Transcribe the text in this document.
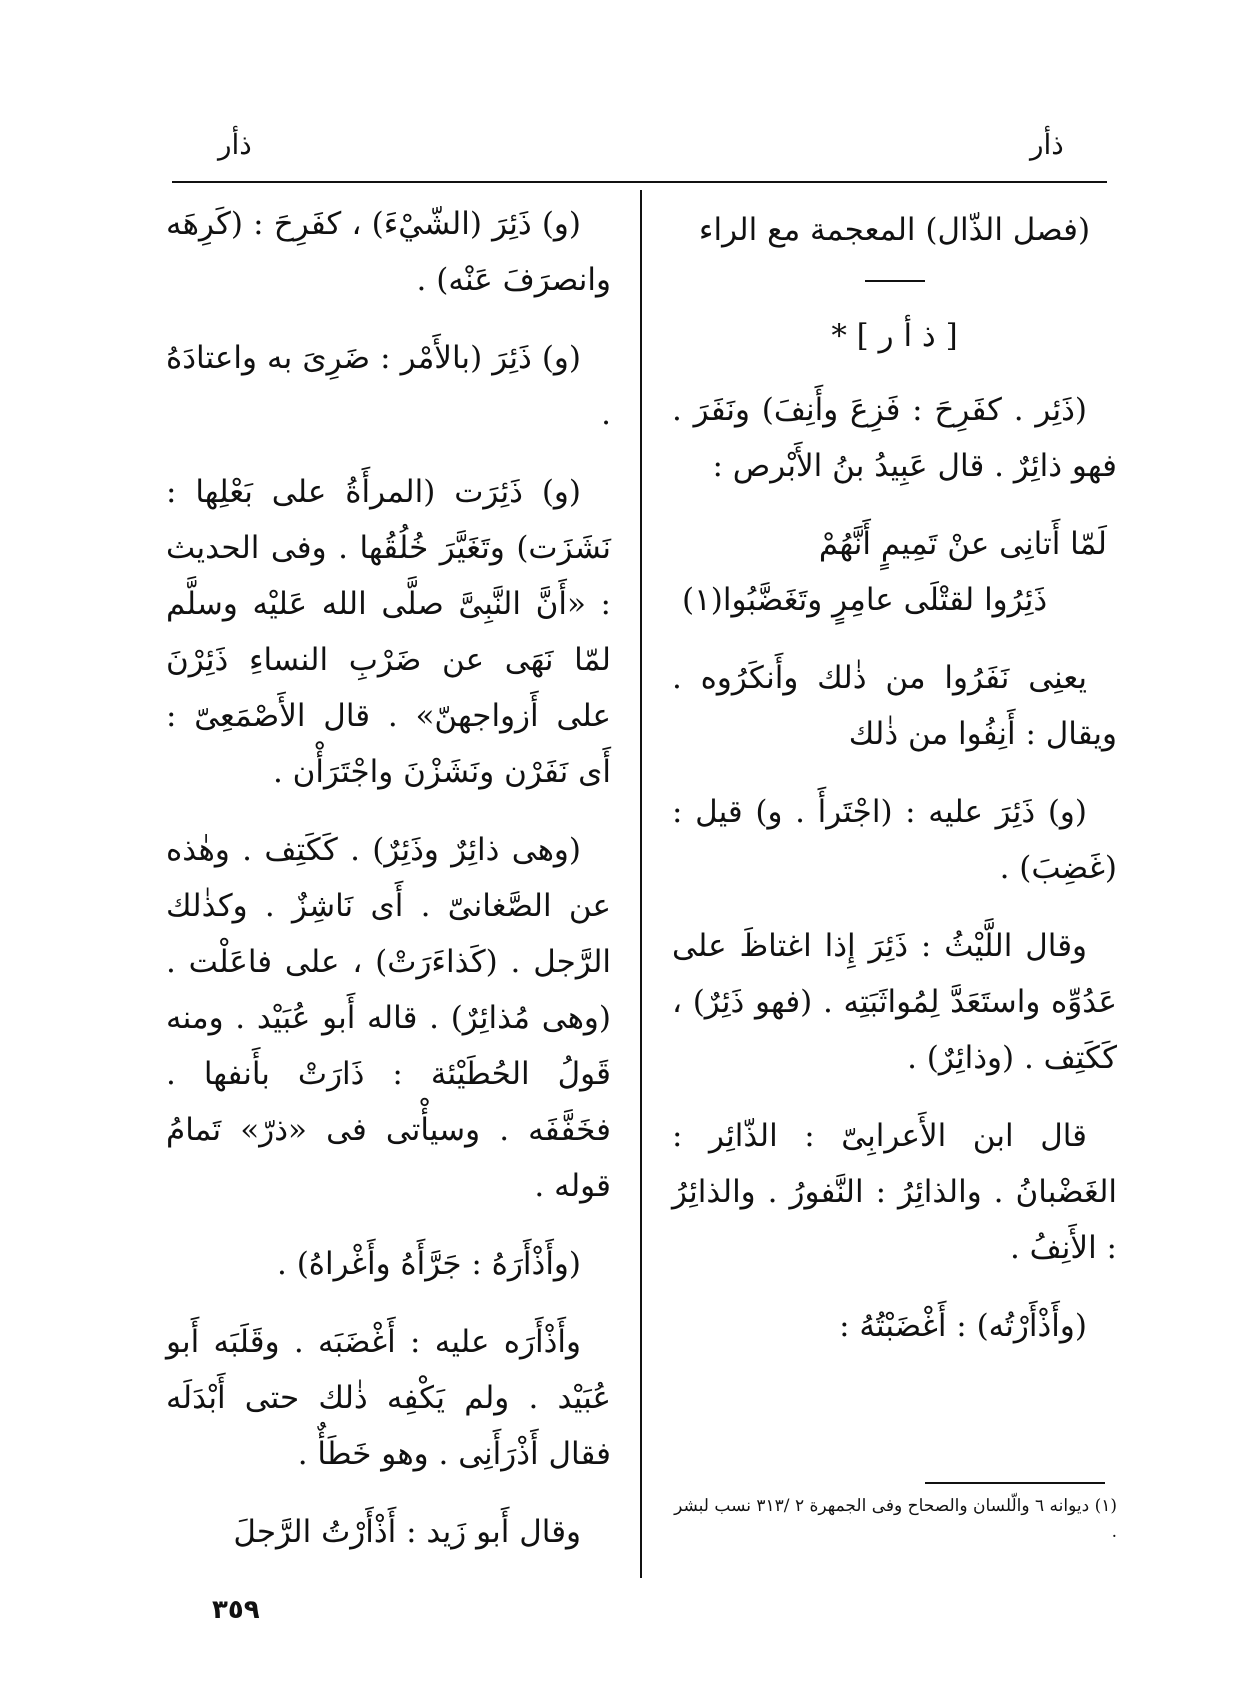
ذأر
ذأر

(فصل الذّال) المعجمة مع الراء

[ ذ أ ر ] *

(ذَئِر . كفَرِحَ : فَزِعَ وأَنِفَ) ونَفَرَ . فهو ذائِرٌ . قال عَبِيدُ بنُ الأَبْرص :

لَمّا أَتانِى عنْ تَمِيمٍ أَنَّهُمْ
ذَئِرُوا لقتْلَى عامِرٍ وتَغَضَّبُوا(١)

يعنِى نَفَرُوا من ذٰلك وأَنكَرُوه . ويقال : أَنِفُوا من ذٰلك

(و) ذَئِرَ عليه : (اجْتَرأَ . و) قيل : (غَضِبَ) .

وقال اللَّيْثُ : ذَئِرَ إِذا اغتاظَ على عَدُوِّه واستَعَدَّ لِمُواثَبَتِه . (فهو ذَئِرٌ) ، كَكَتِف . (وذائِرٌ) .

قال ابن الأَعرابِىّ : الذّائِر : الغَضْبانُ . والذائِرُ : النَّفورُ . والذائِرُ : الأَنِفُ .

(وأَذْأَرْتُه) : أَغْضَبْتُهُ :

(١) ديوانه ٦ والّلسان والصحاح وفى الجمهرة ٢ /٣١٣ نسب لبشر .

(و) ذَئِرَ (الشّيْءَ) ، كفَرِحَ : (كَرِهَه وانصرَفَ عَنْه) .

(و) ذَئِرَ (بالأَمْر : ضَرِىَ به واعتادَهُ .

(و) ذَئِرَت (المرأَةُ على بَعْلِها : نَشَزَت) وتَغَيَّرَ خُلُقُها . وفى الحديث : «أَنَّ النَّبِىَّ صلَّى الله عَليْه وسلَّم لمّا نَهَى عن ضَرْبِ النساءِ ذَئِرْنَ على أَزواجهنّ» . قال الأَصْمَعِىّ : أَى نَفَرْن ونَشَزْنَ واجْتَرَأْن .

(وهى ذائِرٌ وذَئِرٌ) . كَكَتِف . وهٰذه عن الصَّغانىّ . أَى نَاشِزٌ . وكذٰلك الرَّجل . (كَذاءَرَتْ) ، على فاعَلْت . (وهى مُذائِرٌ) . قاله أَبو عُبَيْد . ومنه قَولُ الحُطَيْئة : ذَارَتْ بأَنفها . فخَفَّفَه . وسيأْتى فى «ذرّ» تَمامُ قوله .

(وأَذْأَرَهُ : جَرَّأَهُ وأَغْراهُ) .

وأَذْأَرَه عليه : أَغْضَبَه . وقَلَبَه أَبو عُبَيْد . ولم يَكْفِه ذٰلك حتى أَبْدَلَه فقال أَذْرَأَنِى . وهو خَطَأٌ .

وقال أَبو زَيد : أَذْأَرْتُ الرَّجلَ

٣٥٩
